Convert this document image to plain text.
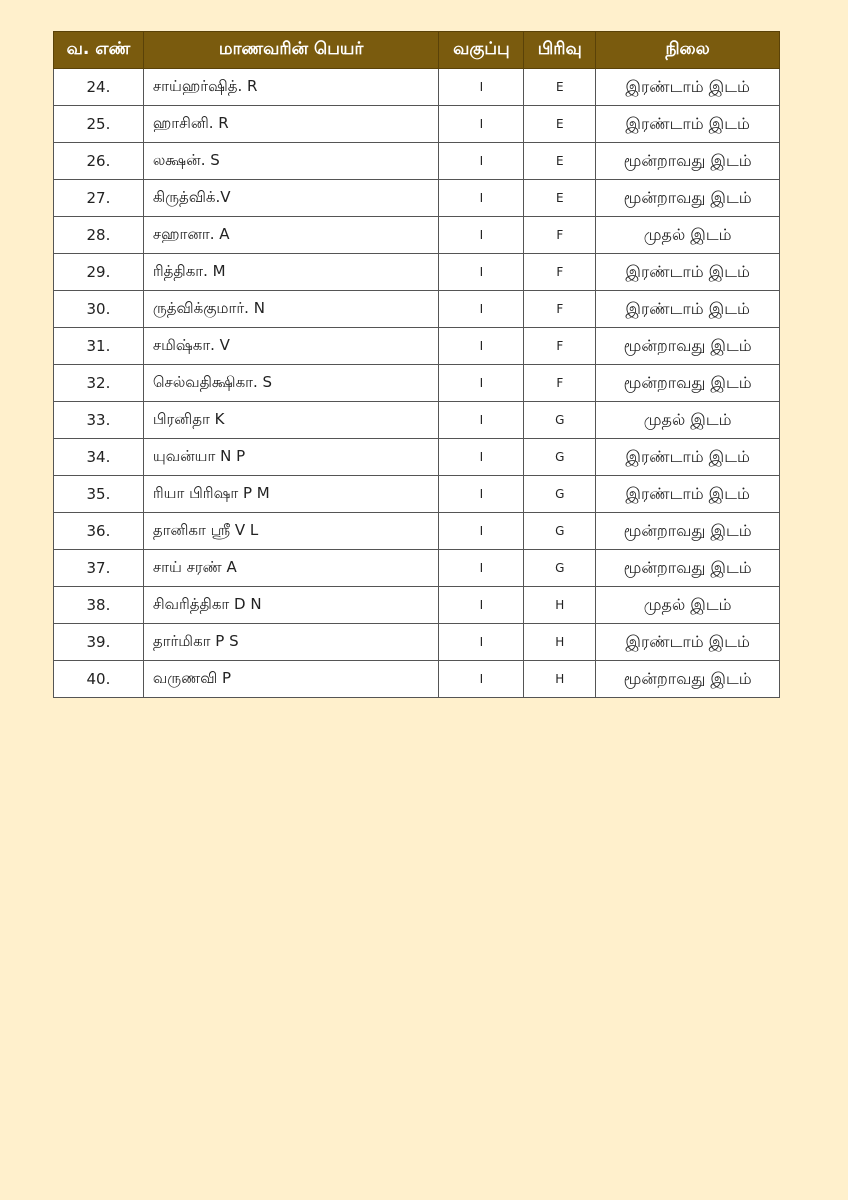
வ. எண்	மாணவரின் பெயர்	வகுப்பு	பிரிவு	நிலை
24.	சாய்ஹர்ஷித். R	I	E	இரண்டாம் இடம்
25.	ஹாசினி. R	I	E	இரண்டாம் இடம்
26.	லக்ஷன். S	I	E	மூன்றாவது இடம்
27.	கிருத்விக்.V	I	E	மூன்றாவது இடம்
28.	சஹானா. A	I	F	முதல் இடம்
29.	ரித்திகா. M	I	F	இரண்டாம் இடம்
30.	ருத்விக்குமார். N	I	F	இரண்டாம் இடம்
31.	சமிஷ்கா. V	I	F	மூன்றாவது இடம்
32.	செல்வதிக்ஷிகா. S	I	F	மூன்றாவது இடம்
33.	பிரனிதா K	I	G	முதல் இடம்
34.	யுவன்யா N P	I	G	இரண்டாம் இடம்
35.	ரியா பிரிஷா P M	I	G	இரண்டாம் இடம்
36.	தானிகா ஶ்ரீ V L	I	G	மூன்றாவது இடம்
37.	சாய் சரண் A	I	G	மூன்றாவது இடம்
38.	சிவரித்திகா D N	I	H	முதல் இடம்
39.	தார்மிகா P S	I	H	இரண்டாம் இடம்
40.	வருணவி P	I	H	மூன்றாவது இடம்
